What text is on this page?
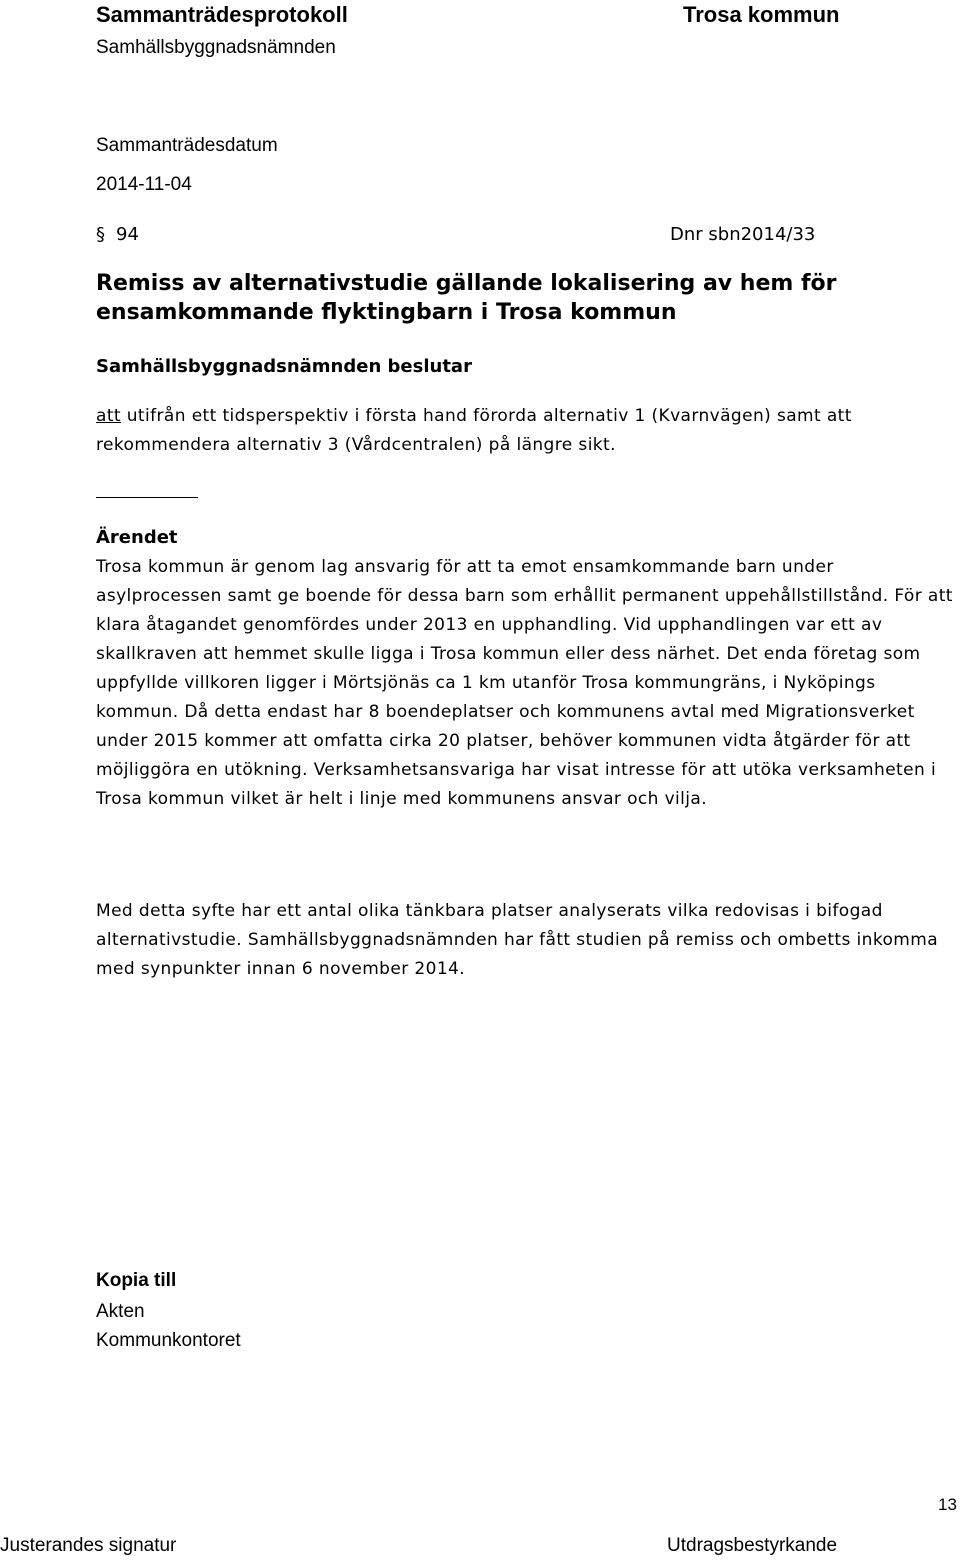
Sammanträdesprotokoll
Samhällsbyggnadsnämnden
Trosa kommun
Sammanträdesdatum
2014-11-04
§ 94	Dnr sbn2014/33
Remiss av alternativstudie gällande lokalisering av hem för ensamkommande flyktingbarn i Trosa kommun
Samhällsbyggnadsnämnden beslutar
att utifrån ett tidsperspektiv i första hand förorda alternativ 1 (Kvarnvägen) samt att rekommendera alternativ 3 (Vårdcentralen) på längre sikt.
Ärendet
Trosa kommun är genom lag ansvarig för att ta emot ensamkommande barn under asylprocessen samt ge boende för dessa barn som erhållit permanent uppehållstillstånd. För att klara åtagandet genomfördes under 2013 en upphandling. Vid upphandlingen var ett av skallkraven att hemmet skulle ligga i Trosa kommun eller dess närhet. Det enda företag som uppfyllde villkoren ligger i Mörtsjönäs ca 1 km utanför Trosa kommungräns, i Nyköpings kommun. Då detta endast har 8 boendeplatser och kommunens avtal med Migrationsverket under 2015 kommer att omfatta cirka 20 platser, behöver kommunen vidta åtgärder för att möjliggöra en utökning. Verksamhetsansvariga har visat intresse för att utöka verksamheten i Trosa kommun vilket är helt i linje med kommunens ansvar och vilja.
Med detta syfte har ett antal olika tänkbara platser analyserats vilka redovisas i bifogad alternativstudie. Samhällsbyggnadsnämnden har fått studien på remiss och ombetts inkomma med synpunkter innan 6 november 2014.
Kopia till
Akten
Kommunkontoret
Justerandes signatur	Utdragsbestyrkande
13
